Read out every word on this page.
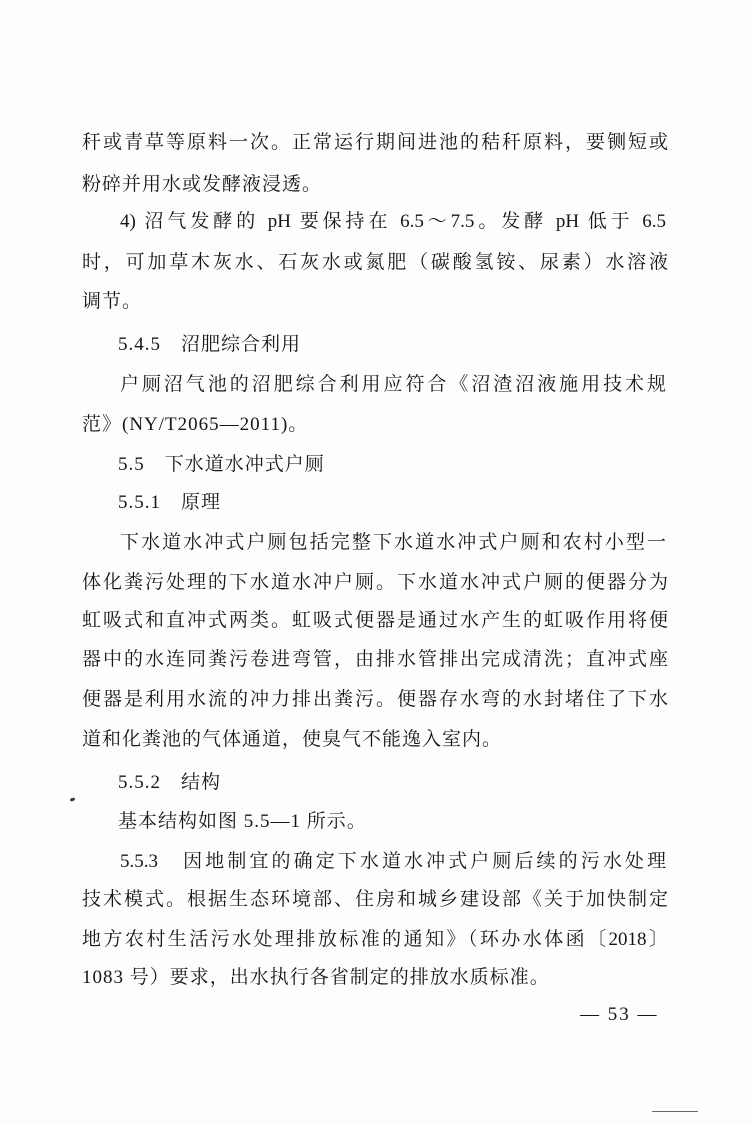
秆或青草等原料一次。正常运行期间进池的秸秆原料，要铡短或
粉碎并用水或发酵液浸透。
4) 沼气发酵的 pH 要保持在 6.5～7.5。发酵 pH 低于 6.5
时，可加草木灰水、石灰水或氮肥（碳酸氢铵、尿素）水溶液
调节。
5.4.5　沼肥综合利用
户厕沼气池的沼肥综合利用应符合《沼渣沼液施用技术规
范》(NY/T2065—2011)。
5.5　下水道水冲式户厕
5.5.1　原理
下水道水冲式户厕包括完整下水道水冲式户厕和农村小型一
体化粪污处理的下水道水冲户厕。下水道水冲式户厕的便器分为
虹吸式和直冲式两类。虹吸式便器是通过水产生的虹吸作用将便
器中的水连同粪污卷进弯管，由排水管排出完成清洗；直冲式座
便器是利用水流的冲力排出粪污。便器存水弯的水封堵住了下水
道和化粪池的气体通道，使臭气不能逸入室内。
5.5.2　结构
基本结构如图 5.5—1 所示。
5.5.3　因地制宜的确定下水道水冲式户厕后续的污水处理
技术模式。根据生态环境部、住房和城乡建设部《关于加快制定
地方农村生活污水处理排放标准的通知》（环办水体函〔2018〕
1083 号）要求，出水执行各省制定的排放水质标准。
— 53 —
